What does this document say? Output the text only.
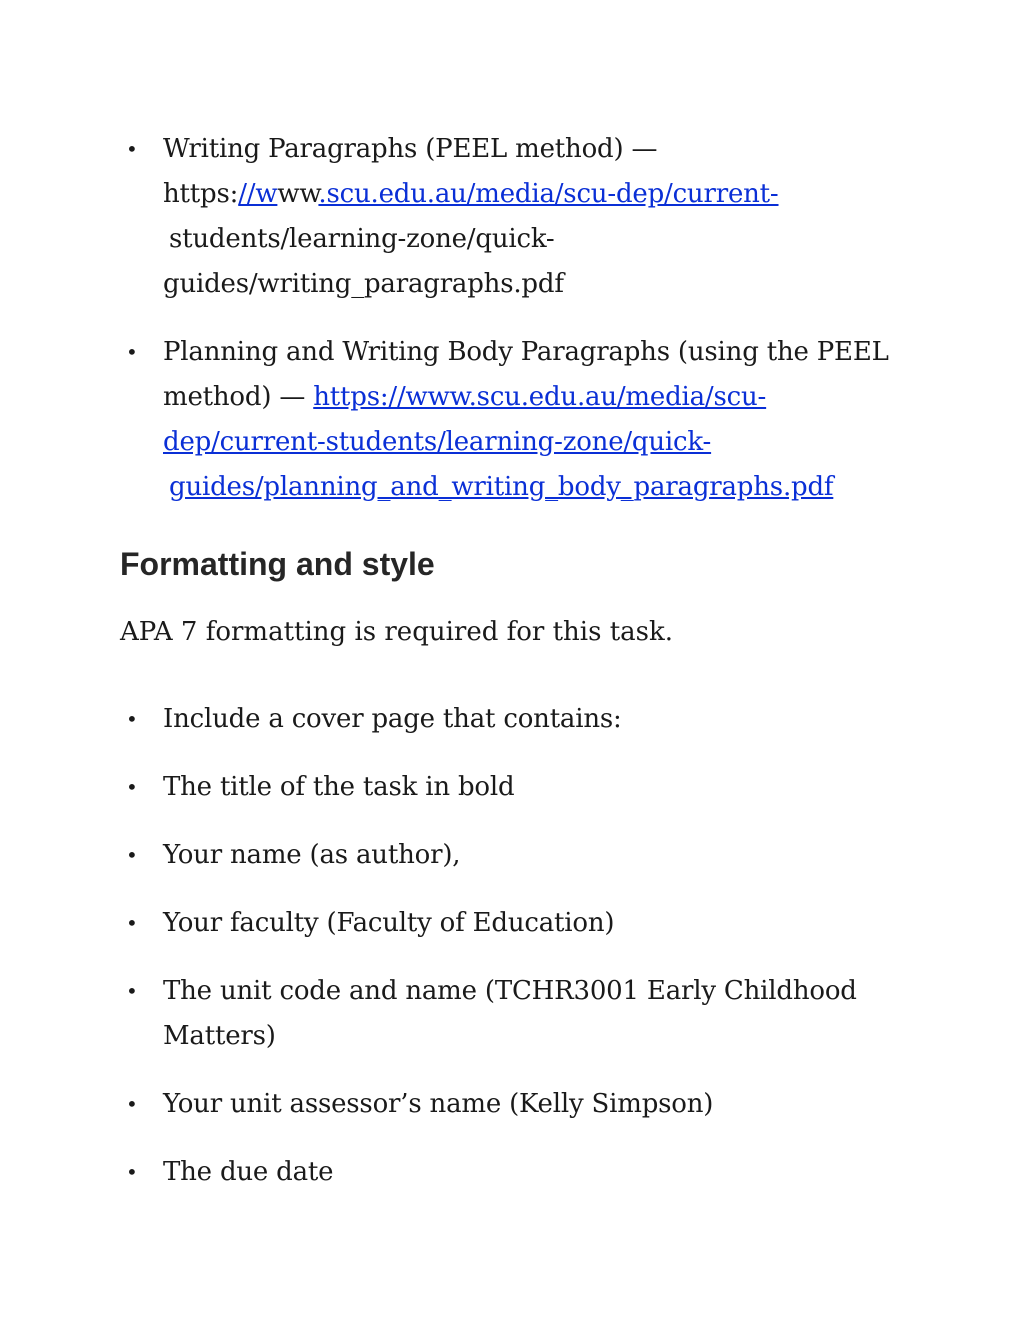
• Writing Paragraphs (PEEL method) —
https://www.scu.edu.au/media/scu-dep/current-
students/learning-zone/quick-
guides/writing_paragraphs.pdf
• Planning and Writing Body Paragraphs (using the PEEL
method) — https://www.scu.edu.au/media/scu-
dep/current-students/learning-zone/quick-
guides/planning_and_writing_body_paragraphs.pdf
Formatting and style

APA 7 formatting is required for this task.

• Include a cover page that contains:
• The title of the task in bold
• Your name (as author),
• Your faculty (Faculty of Education)
• The unit code and name (TCHR3001 Early Childhood
Matters)
• Your unit assessor’s name (Kelly Simpson)
• The due date
